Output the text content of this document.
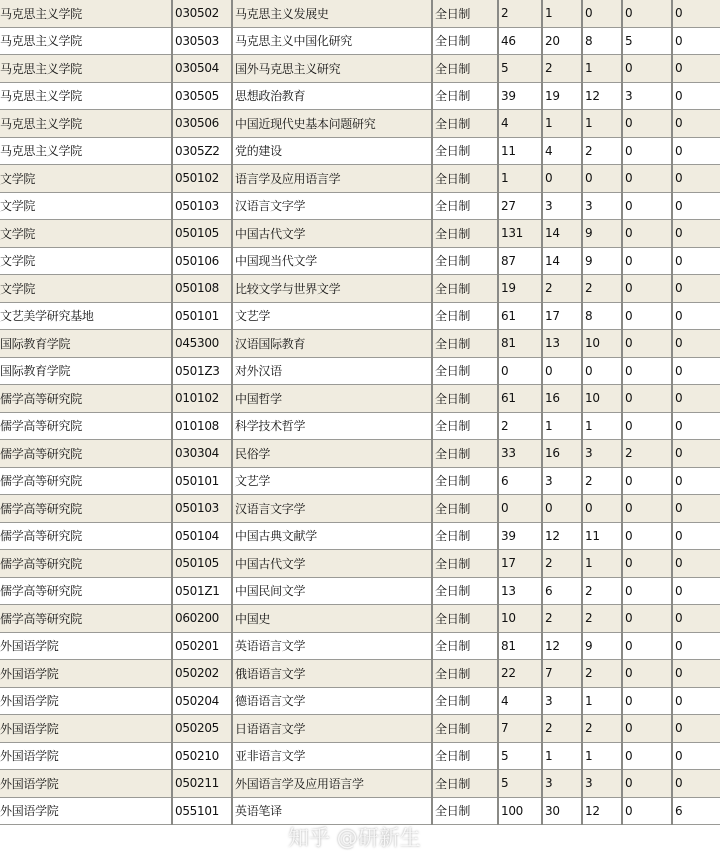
马克思主义学院	030502	马克思主义发展史	全日制	2	1	0	0	0
马克思主义学院	030503	马克思主义中国化研究	全日制	46	20	8	5	0
马克思主义学院	030504	国外马克思主义研究	全日制	5	2	1	0	0
马克思主义学院	030505	思想政治教育	全日制	39	19	12	3	0
马克思主义学院	030506	中国近现代史基本问题研究	全日制	4	1	1	0	0
马克思主义学院	0305Z2	党的建设	全日制	11	4	2	0	0
文学院	050102	语言学及应用语言学	全日制	1	0	0	0	0
文学院	050103	汉语言文字学	全日制	27	3	3	0	0
文学院	050105	中国古代文学	全日制	131	14	9	0	0
文学院	050106	中国现当代文学	全日制	87	14	9	0	0
文学院	050108	比较文学与世界文学	全日制	19	2	2	0	0
文艺美学研究基地	050101	文艺学	全日制	61	17	8	0	0
国际教育学院	045300	汉语国际教育	全日制	81	13	10	0	0
国际教育学院	0501Z3	对外汉语	全日制	0	0	0	0	0
儒学高等研究院	010102	中国哲学	全日制	61	16	10	0	0
儒学高等研究院	010108	科学技术哲学	全日制	2	1	1	0	0
儒学高等研究院	030304	民俗学	全日制	33	16	3	2	0
儒学高等研究院	050101	文艺学	全日制	6	3	2	0	0
儒学高等研究院	050103	汉语言文字学	全日制	0	0	0	0	0
儒学高等研究院	050104	中国古典文献学	全日制	39	12	11	0	0
儒学高等研究院	050105	中国古代文学	全日制	17	2	1	0	0
儒学高等研究院	0501Z1	中国民间文学	全日制	13	6	2	0	0
儒学高等研究院	060200	中国史	全日制	10	2	2	0	0
外国语学院	050201	英语语言文学	全日制	81	12	9	0	0
外国语学院	050202	俄语语言文学	全日制	22	7	2	0	0
外国语学院	050204	德语语言文学	全日制	4	3	1	0	0
外国语学院	050205	日语语言文学	全日制	7	2	2	0	0
外国语学院	050210	亚非语言文学	全日制	5	1	1	0	0
外国语学院	050211	外国语言学及应用语言学	全日制	5	3	3	0	0
外国语学院	055101	英语笔译	全日制	100	30	12	0	6
知乎 @研新生
